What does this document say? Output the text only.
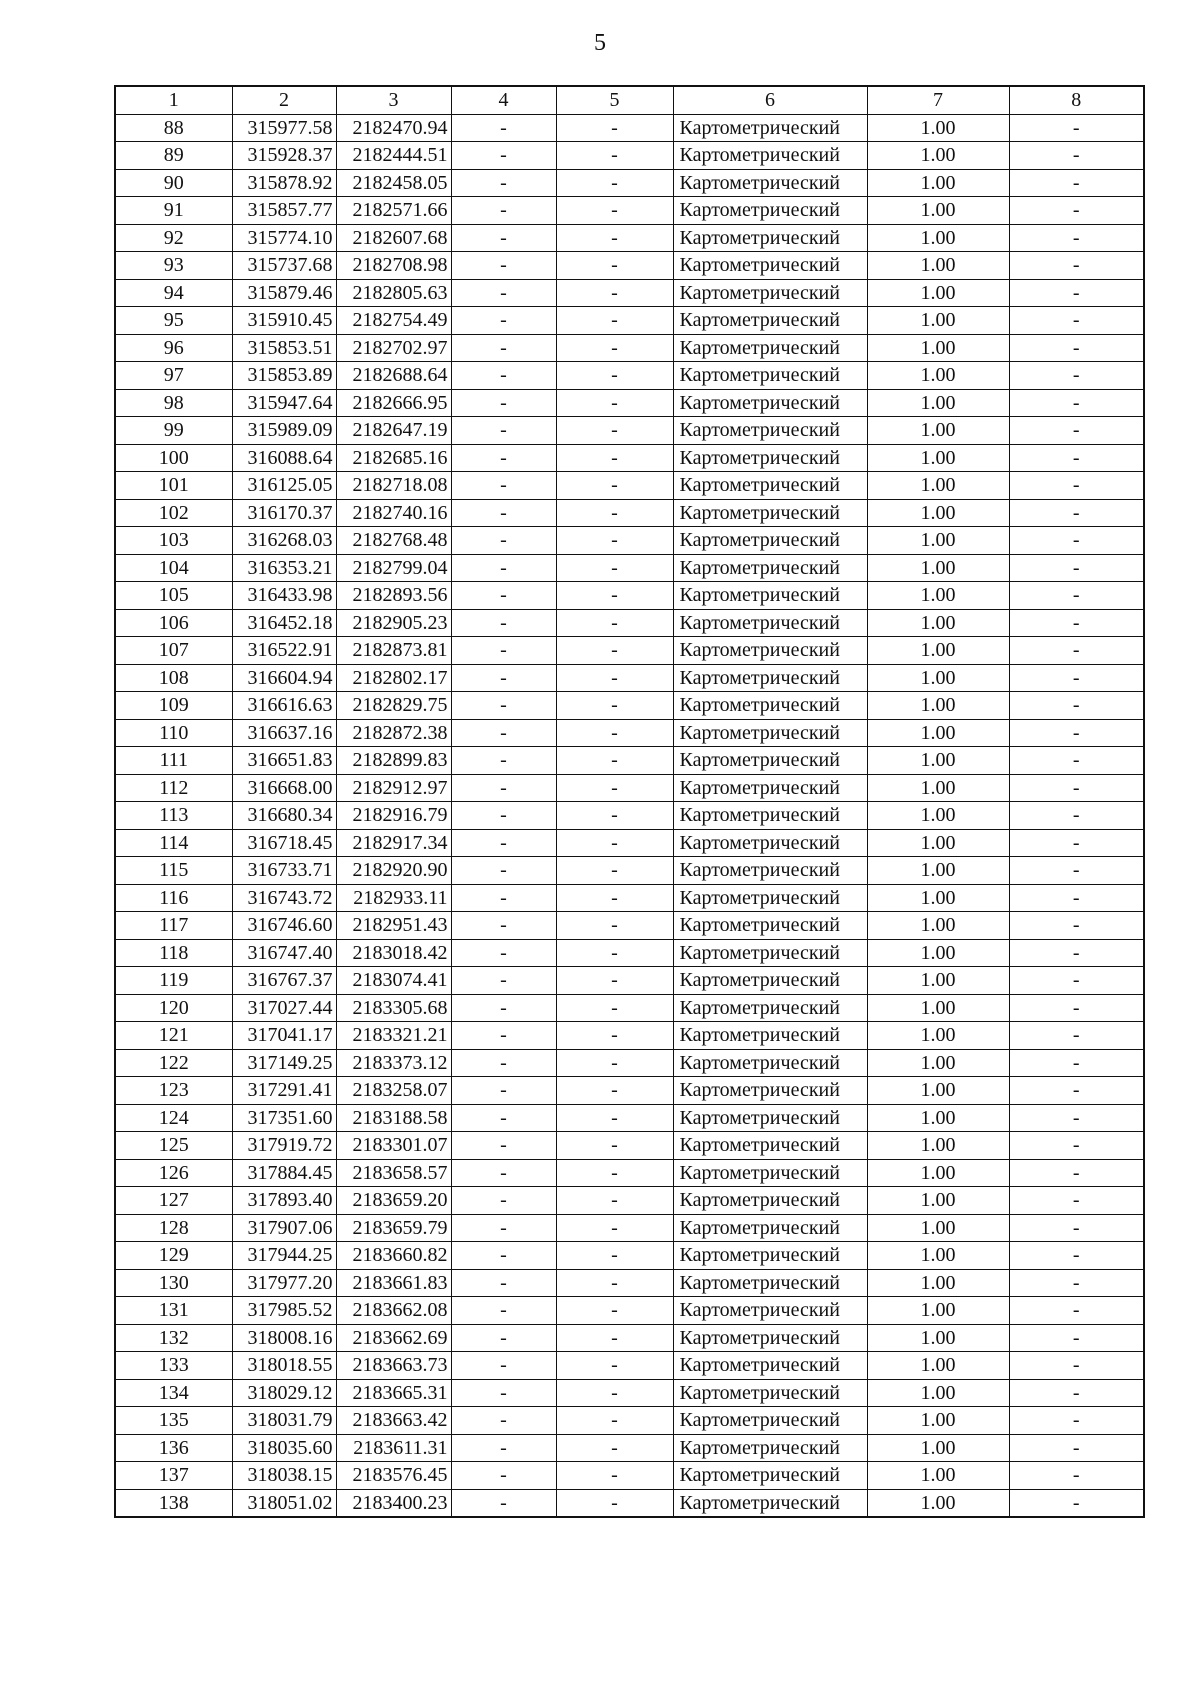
5
1	2	3	4	5	6	7	8
88	315977.58	2182470.94	-	-	Картометрический	1.00	-
89	315928.37	2182444.51	-	-	Картометрический	1.00	-
90	315878.92	2182458.05	-	-	Картометрический	1.00	-
91	315857.77	2182571.66	-	-	Картометрический	1.00	-
92	315774.10	2182607.68	-	-	Картометрический	1.00	-
93	315737.68	2182708.98	-	-	Картометрический	1.00	-
94	315879.46	2182805.63	-	-	Картометрический	1.00	-
95	315910.45	2182754.49	-	-	Картометрический	1.00	-
96	315853.51	2182702.97	-	-	Картометрический	1.00	-
97	315853.89	2182688.64	-	-	Картометрический	1.00	-
98	315947.64	2182666.95	-	-	Картометрический	1.00	-
99	315989.09	2182647.19	-	-	Картометрический	1.00	-
100	316088.64	2182685.16	-	-	Картометрический	1.00	-
101	316125.05	2182718.08	-	-	Картометрический	1.00	-
102	316170.37	2182740.16	-	-	Картометрический	1.00	-
103	316268.03	2182768.48	-	-	Картометрический	1.00	-
104	316353.21	2182799.04	-	-	Картометрический	1.00	-
105	316433.98	2182893.56	-	-	Картометрический	1.00	-
106	316452.18	2182905.23	-	-	Картометрический	1.00	-
107	316522.91	2182873.81	-	-	Картометрический	1.00	-
108	316604.94	2182802.17	-	-	Картометрический	1.00	-
109	316616.63	2182829.75	-	-	Картометрический	1.00	-
110	316637.16	2182872.38	-	-	Картометрический	1.00	-
111	316651.83	2182899.83	-	-	Картометрический	1.00	-
112	316668.00	2182912.97	-	-	Картометрический	1.00	-
113	316680.34	2182916.79	-	-	Картометрический	1.00	-
114	316718.45	2182917.34	-	-	Картометрический	1.00	-
115	316733.71	2182920.90	-	-	Картометрический	1.00	-
116	316743.72	2182933.11	-	-	Картометрический	1.00	-
117	316746.60	2182951.43	-	-	Картометрический	1.00	-
118	316747.40	2183018.42	-	-	Картометрический	1.00	-
119	316767.37	2183074.41	-	-	Картометрический	1.00	-
120	317027.44	2183305.68	-	-	Картометрический	1.00	-
121	317041.17	2183321.21	-	-	Картометрический	1.00	-
122	317149.25	2183373.12	-	-	Картометрический	1.00	-
123	317291.41	2183258.07	-	-	Картометрический	1.00	-
124	317351.60	2183188.58	-	-	Картометрический	1.00	-
125	317919.72	2183301.07	-	-	Картометрический	1.00	-
126	317884.45	2183658.57	-	-	Картометрический	1.00	-
127	317893.40	2183659.20	-	-	Картометрический	1.00	-
128	317907.06	2183659.79	-	-	Картометрический	1.00	-
129	317944.25	2183660.82	-	-	Картометрический	1.00	-
130	317977.20	2183661.83	-	-	Картометрический	1.00	-
131	317985.52	2183662.08	-	-	Картометрический	1.00	-
132	318008.16	2183662.69	-	-	Картометрический	1.00	-
133	318018.55	2183663.73	-	-	Картометрический	1.00	-
134	318029.12	2183665.31	-	-	Картометрический	1.00	-
135	318031.79	2183663.42	-	-	Картометрический	1.00	-
136	318035.60	2183611.31	-	-	Картометрический	1.00	-
137	318038.15	2183576.45	-	-	Картометрический	1.00	-
138	318051.02	2183400.23	-	-	Картометрический	1.00	-
